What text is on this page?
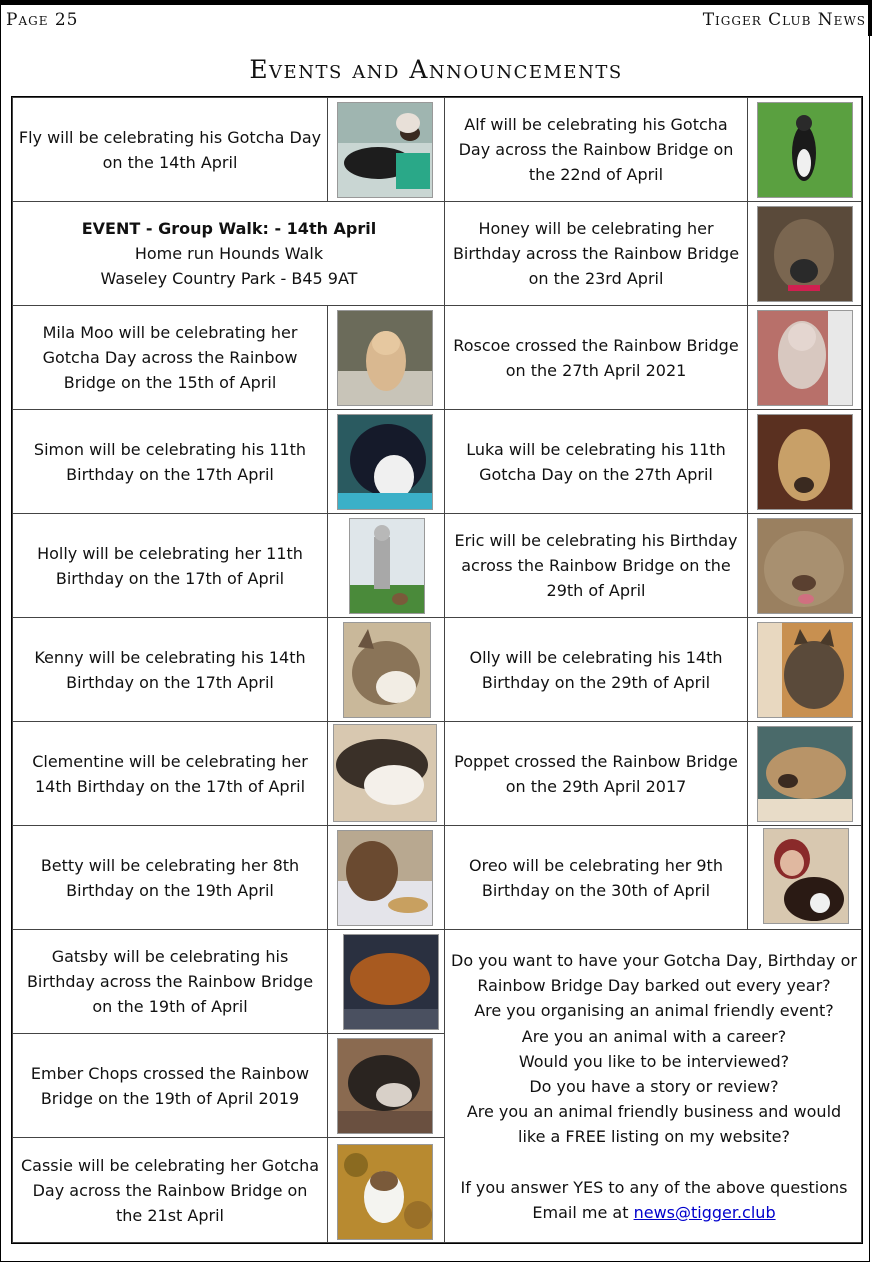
Page 25	Tigger Club News
Events and Announcements
Fly will be celebrating his Gotcha Day on the 14th April
EVENT - Group Walk: - 14th April
Home run Hounds Walk
Waseley Country Park - B45 9AT
Mila Moo will be celebrating her Gotcha Day across the Rainbow Bridge on the 15th of April
Simon will be celebrating his 11th Birthday on the 17th April
Holly will be celebrating her 11th Birthday on the 17th of April
Kenny will be celebrating his 14th Birthday on the 17th April
Clementine will be celebrating her 14th Birthday on the 17th of April
Betty will be celebrating her 8th Birthday on the 19th April
Gatsby will be celebrating his Birthday across the Rainbow Bridge on the 19th of April
Ember Chops crossed the Rainbow Bridge on the 19th of April 2019
Cassie will be celebrating her Gotcha Day across the Rainbow Bridge on the 21st April
Alf will be celebrating his Gotcha Day across the Rainbow Bridge on the 22nd of April
Honey will be celebrating her Birthday across the Rainbow Bridge on the 23rd April
Roscoe crossed the Rainbow Bridge on the 27th April 2021
Luka will be celebrating his 11th Gotcha Day on the 27th April
Eric will be celebrating his Birthday across the Rainbow Bridge on the 29th of April
Olly will be celebrating his 14th Birthday on the 29th of April
Poppet crossed the Rainbow Bridge on the 29th April 2017
Oreo will be celebrating her 9th Birthday on the 30th of April
Do you want to have your Gotcha Day, Birthday or
Rainbow Bridge Day barked out every year?
Are you organising an animal friendly event?
Are you an animal with a career?
Would you like to be interviewed?
Do you have a story or review?
Are you an animal friendly business and would
like a FREE listing on my website?
If you answer YES to any of the above questions
Email me at news@tigger.club
